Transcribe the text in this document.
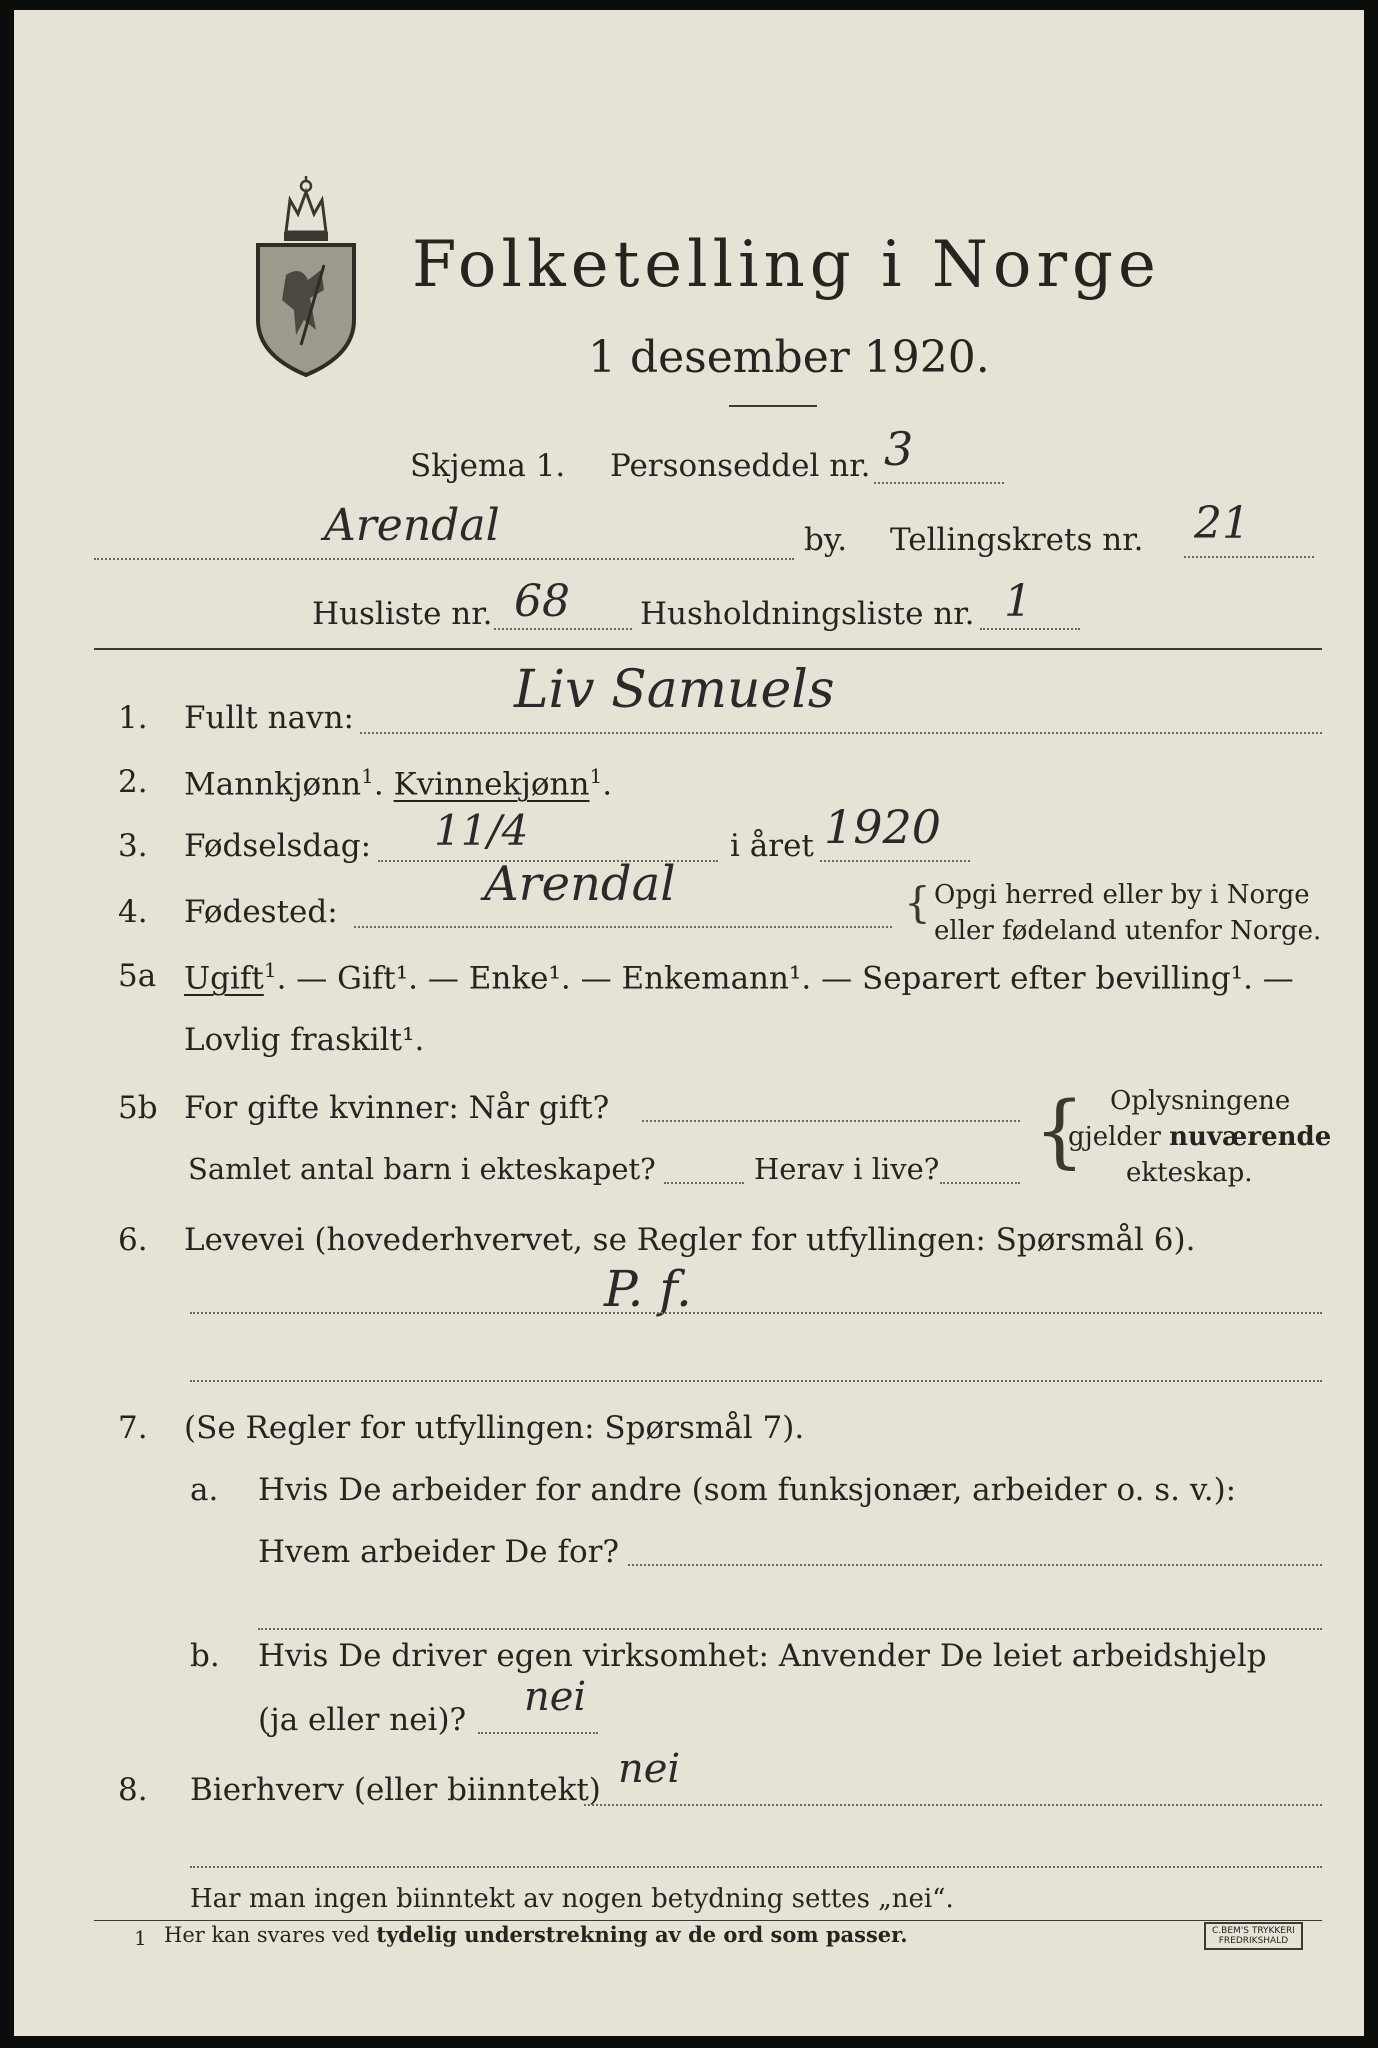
Folketelling i Norge
1 desember 1920.
Skjema 1. Personseddel nr. 3
Arendal	by. Tellingskrets nr. 21
Husliste nr. 68 Husholdningsliste nr. 1
1. Fullt navn:	Liv Samuels
2. Mannkjønn$^1$. Kvinnekjønn$^1$.
3. Fødselsdag: 11/4	i året 1920
4. Fødested:	Arendal	{ Opgi herred eller by i Norge
eller fødeland utenfor Norge.
5a Ugift$^1$. — Gift¹. — Enke¹. — Enkemann¹. — Separert efter bevilling¹. —
Lovlig fraskilt¹.
5b For gifte kvinner: Når gift?
Samlet antal barn i ekteskapet?	Herav i live? { Oplysningene
gjelder nuværende
ekteskap.
6. Levevei (hovederhvervet, se Regler for utfyllingen: Spørsmål 6).
P. f.
7. (Se Regler for utfyllingen: Spørsmål 7).
a. Hvis De arbeider for andre (som funksjonær, arbeider o. s. v.):
Hvem arbeider De for?
b. Hvis De driver egen virksomhet: Anvender De leiet arbeidshjelp
(ja eller nei)? nei
8. Bierhverv (eller biinntekt) nei
Har man ingen biinntekt av nogen betydning settes „nei“.
1 Her kan svares ved tydelig understrekning av de ord som passer.	C.BEM'S TRYKKERI
FREDRIKSHALD
